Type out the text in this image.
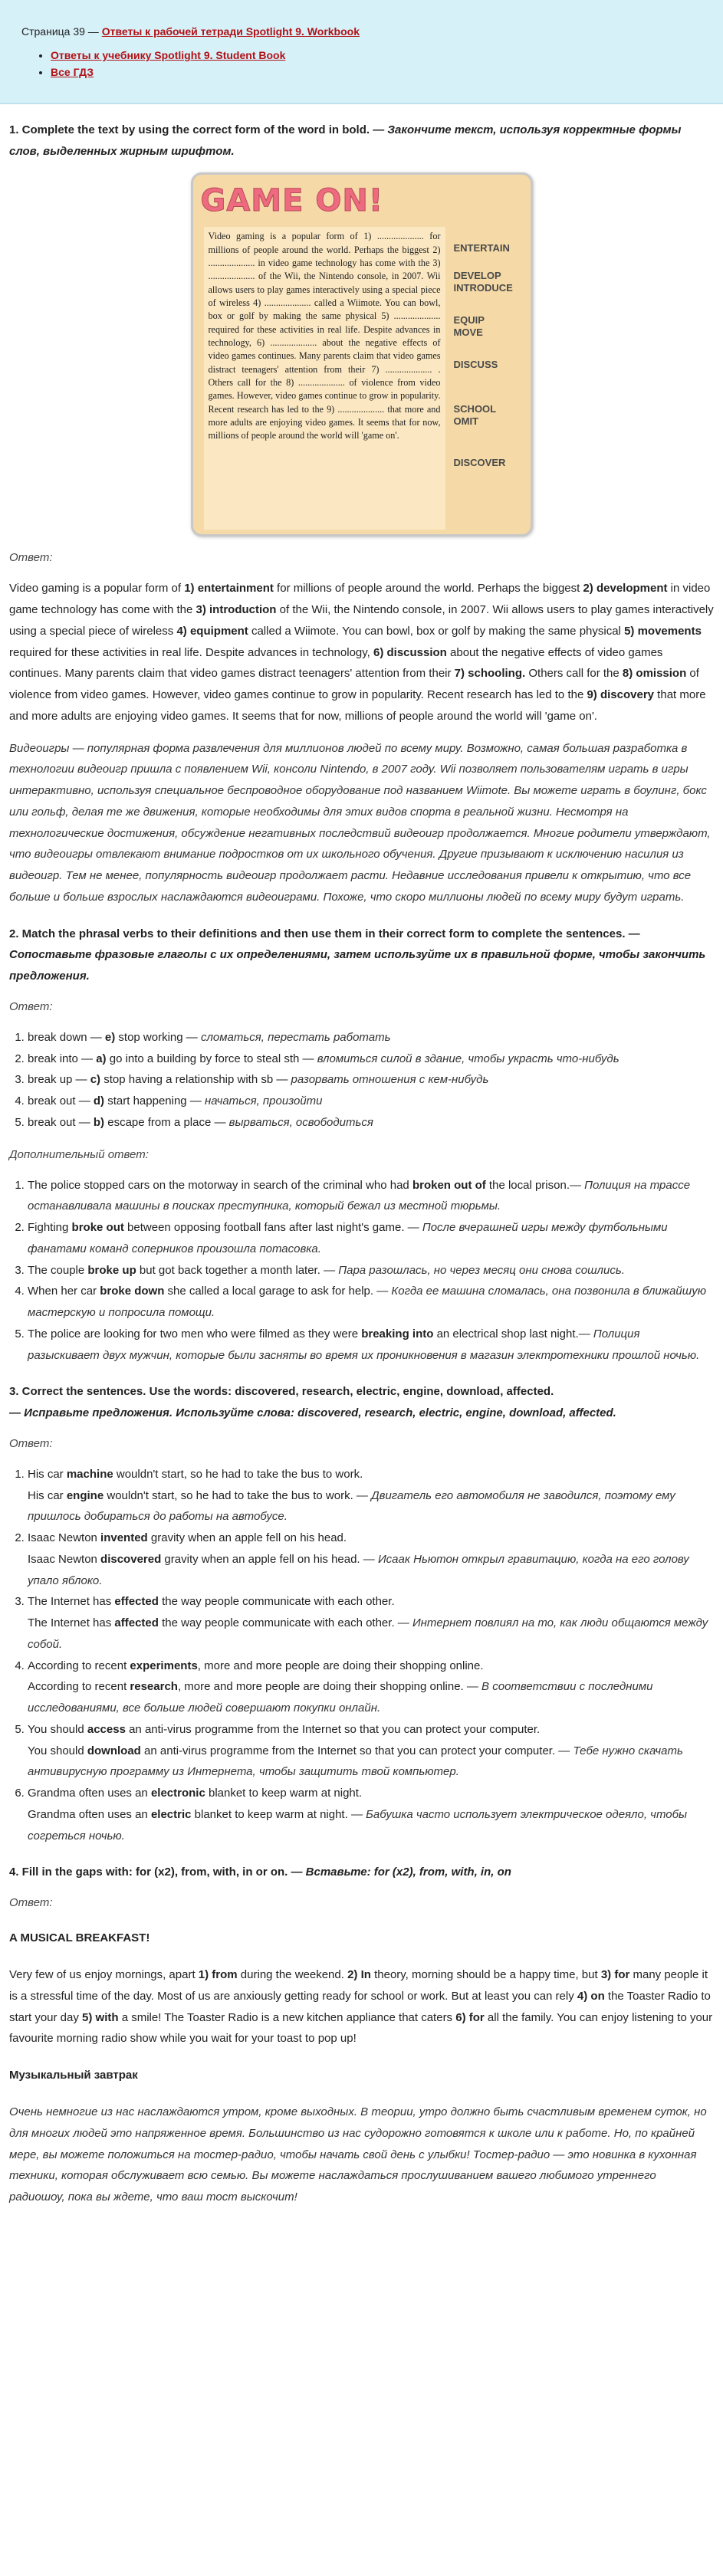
Страница 39 — Ответы к рабочей тетради Spotlight 9. Workbook
• Ответы к учебнику Spotlight 9. Student Book
• Все ГДЗ
1. Complete the text by using the correct form of the word in bold. — Закончите текст, используя корректные формы слов, выделенных жирным шрифтом.
GAME ON!
Video gaming is a popular form of 1) .................... for millions of people around the world. Perhaps the biggest 2) .................... in video game technology has come with the 3) .................... of the Wii, the Nintendo console, in 2007. Wii allows users to play games interactively using a special piece of wireless 4) .................... called a Wiimote. You can bowl, box or golf by making the same physical 5) .................... required for these activities in real life. Despite advances in technology, 6) .................... about the negative effects of video games continues. Many parents claim that video games distract teenagers' attention from their 7) .................... . Others call for the 8) .................... of violence from video games. However, video games continue to grow in popularity. Recent research has led to the 9) .................... that more and more adults are enjoying video games. It seems that for now, millions of people around the world will 'game on'.
ENTERTAIN
DEVELOP
INTRODUCE
EQUIP
MOVE
DISCUSS
SCHOOL
OMIT
DISCOVER
Ответ:

Video gaming is a popular form of 1) entertainment for millions of people around the world. Perhaps the biggest 2) development in video game technology has come with the 3) introduction of the Wii, the Nintendo console, in 2007. Wii allows users to play games interactively using a special piece of wireless 4) equipment called a Wiimote. You can bowl, box or golf by making the same physical 5) movements required for these activities in real life. Despite advances in technology, 6) discussion about the negative effects of video games continues. Many parents claim that video games distract teenagers' attention from their 7) schooling. Others call for the 8) omission of violence from video games. However, video games continue to grow in popularity. Recent research has led to the 9) discovery that more and more adults are enjoying video games. It seems that for now, millions of people around the world will 'game on'.

Видеоигры — популярная форма развлечения для миллионов людей по всему миру. Возможно, самая большая разработка в технологии видеоигр пришла с появлением Wii, консоли Nintendo, в 2007 году. Wii позволяет пользователям играть в игры интерактивно, используя специальное беспроводное оборудование под названием Wiimote. Вы можете играть в боулинг, бокс или гольф, делая те же движения, которые необходимы для этих видов спорта в реальной жизни. Несмотря на технологические достижения, обсуждение негативных последствий видеоигр продолжается. Многие родители утверждают, что видеоигры отвлекают внимание подростков от их школьного обучения. Другие призывают к исключению насилия из видеоигр. Тем не менее, популярность видеоигр продолжает расти. Недавние исследования привели к открытию, что все больше и больше взрослых наслаждаются видеоиграми. Похоже, что скоро миллионы людей по всему миру будут играть.

2. Match the phrasal verbs to their definitions and then use them in their correct form to complete the sentences. — Сопоставьте фразовые глаголы с их определениями, затем используйте их в правильной форме, чтобы закончить предложения.
Ответ:
1. break down — e) stop working — сломаться, перестать работать
2. break into — a) go into a building by force to steal sth — вломиться силой в здание, чтобы украсть что-нибудь
3. break up — c) stop having a relationship with sb — разорвать отношения с кем-нибудь
4. break out — d) start happening — начаться, произойти
5. break out — b) escape from a place — вырваться, освободиться
Дополнительный ответ:
1. The police stopped cars on the motorway in search of the criminal who had broken out of the local prison.— Полиция на трассе останавливала машины в поисках преступника, который бежал из местной тюрьмы.
2. Fighting broke out between opposing football fans after last night's game. — После вчерашней игры между футбольными фанатами команд соперников произошла потасовка.
3. The couple broke up but got back together a month later. — Пара разошлась, но через месяц они снова сошлись.
4. When her car broke down she called a local garage to ask for help. — Когда ее машина сломалась, она позвонила в ближайшую мастерскую и попросила помощи.
5. The police are looking for two men who were filmed as they were breaking into an electrical shop last night.— Полиция разыскивает двух мужчин, которые были засняты во время их проникновения в магазин электротехники прошлой ночью.
3. Correct the sentences. Use the words: discovered, research, electric, engine, download, affected.
— Исправьте предложения. Используйте слова: discovered, research, electric, engine, download, affected.
Ответ:
1. His car machine wouldn't start, so he had to take the bus to work.
His car engine wouldn't start, so he had to take the bus to work. — Двигатель его автомобиля не заводился, поэтому ему пришлось добираться до работы на автобусе.
2. Isaac Newton invented gravity when an apple fell on his head.
Isaac Newton discovered gravity when an apple fell on his head. — Исаак Ньютон открыл гравитацию, когда на его голову упало яблоко.
3. The Internet has effected the way people communicate with each other.
The Internet has affected the way people communicate with each other. — Интернет повлиял на то, как люди общаются между собой.
4. According to recent experiments, more and more people are doing their shopping online.
According to recent research, more and more people are doing their shopping online. — В соответствии с последними исследованиями, все больше людей совершают покупки онлайн.
5. You should access an anti-virus programme from the Internet so that you can protect your computer.
You should download an anti-virus programme from the Internet so that you can protect your computer. — Тебе нужно скачать антивирусную программу из Интернета, чтобы защитить твой компьютер.
6. Grandma often uses an electronic blanket to keep warm at night.
Grandma often uses an electric blanket to keep warm at night. — Бабушка часто использует электрическое одеяло, чтобы согреться ночью.
4. Fill in the gaps with: for (x2), from, with, in or on. — Вставьте: for (x2), from, with, in, on
Ответ:
A MUSICAL BREAKFAST!

Very few of us enjoy mornings, apart 1) from during the weekend. 2) In theory, morning should be a happy time, but 3) for many people it is a stressful time of the day. Most of us are anxiously getting ready for school or work. But at least you can rely 4) on the Toaster Radio to start your day 5) with a smile! The Toaster Radio is a new kitchen appliance that caters 6) for all the family. You can enjoy listening to your favourite morning radio show while you wait for your toast to pop up!

Музыкальный завтрак

Очень немногие из нас наслаждаются утром, кроме выходных. В теории, утро должно быть счастливым временем суток, но для многих людей это напряженное время. Большинство из нас судорожно готовятся к школе или к работе. Но, по крайней мере, вы можете положиться на тостер-радио, чтобы начать свой день с улыбки! Тостер-радио — это новинка в кухонная техники, которая обслуживает всю семью. Вы можете наслаждаться прослушиванием вашего любимого утреннего радиошоу, пока вы ждете, что ваш тост выскочит!
